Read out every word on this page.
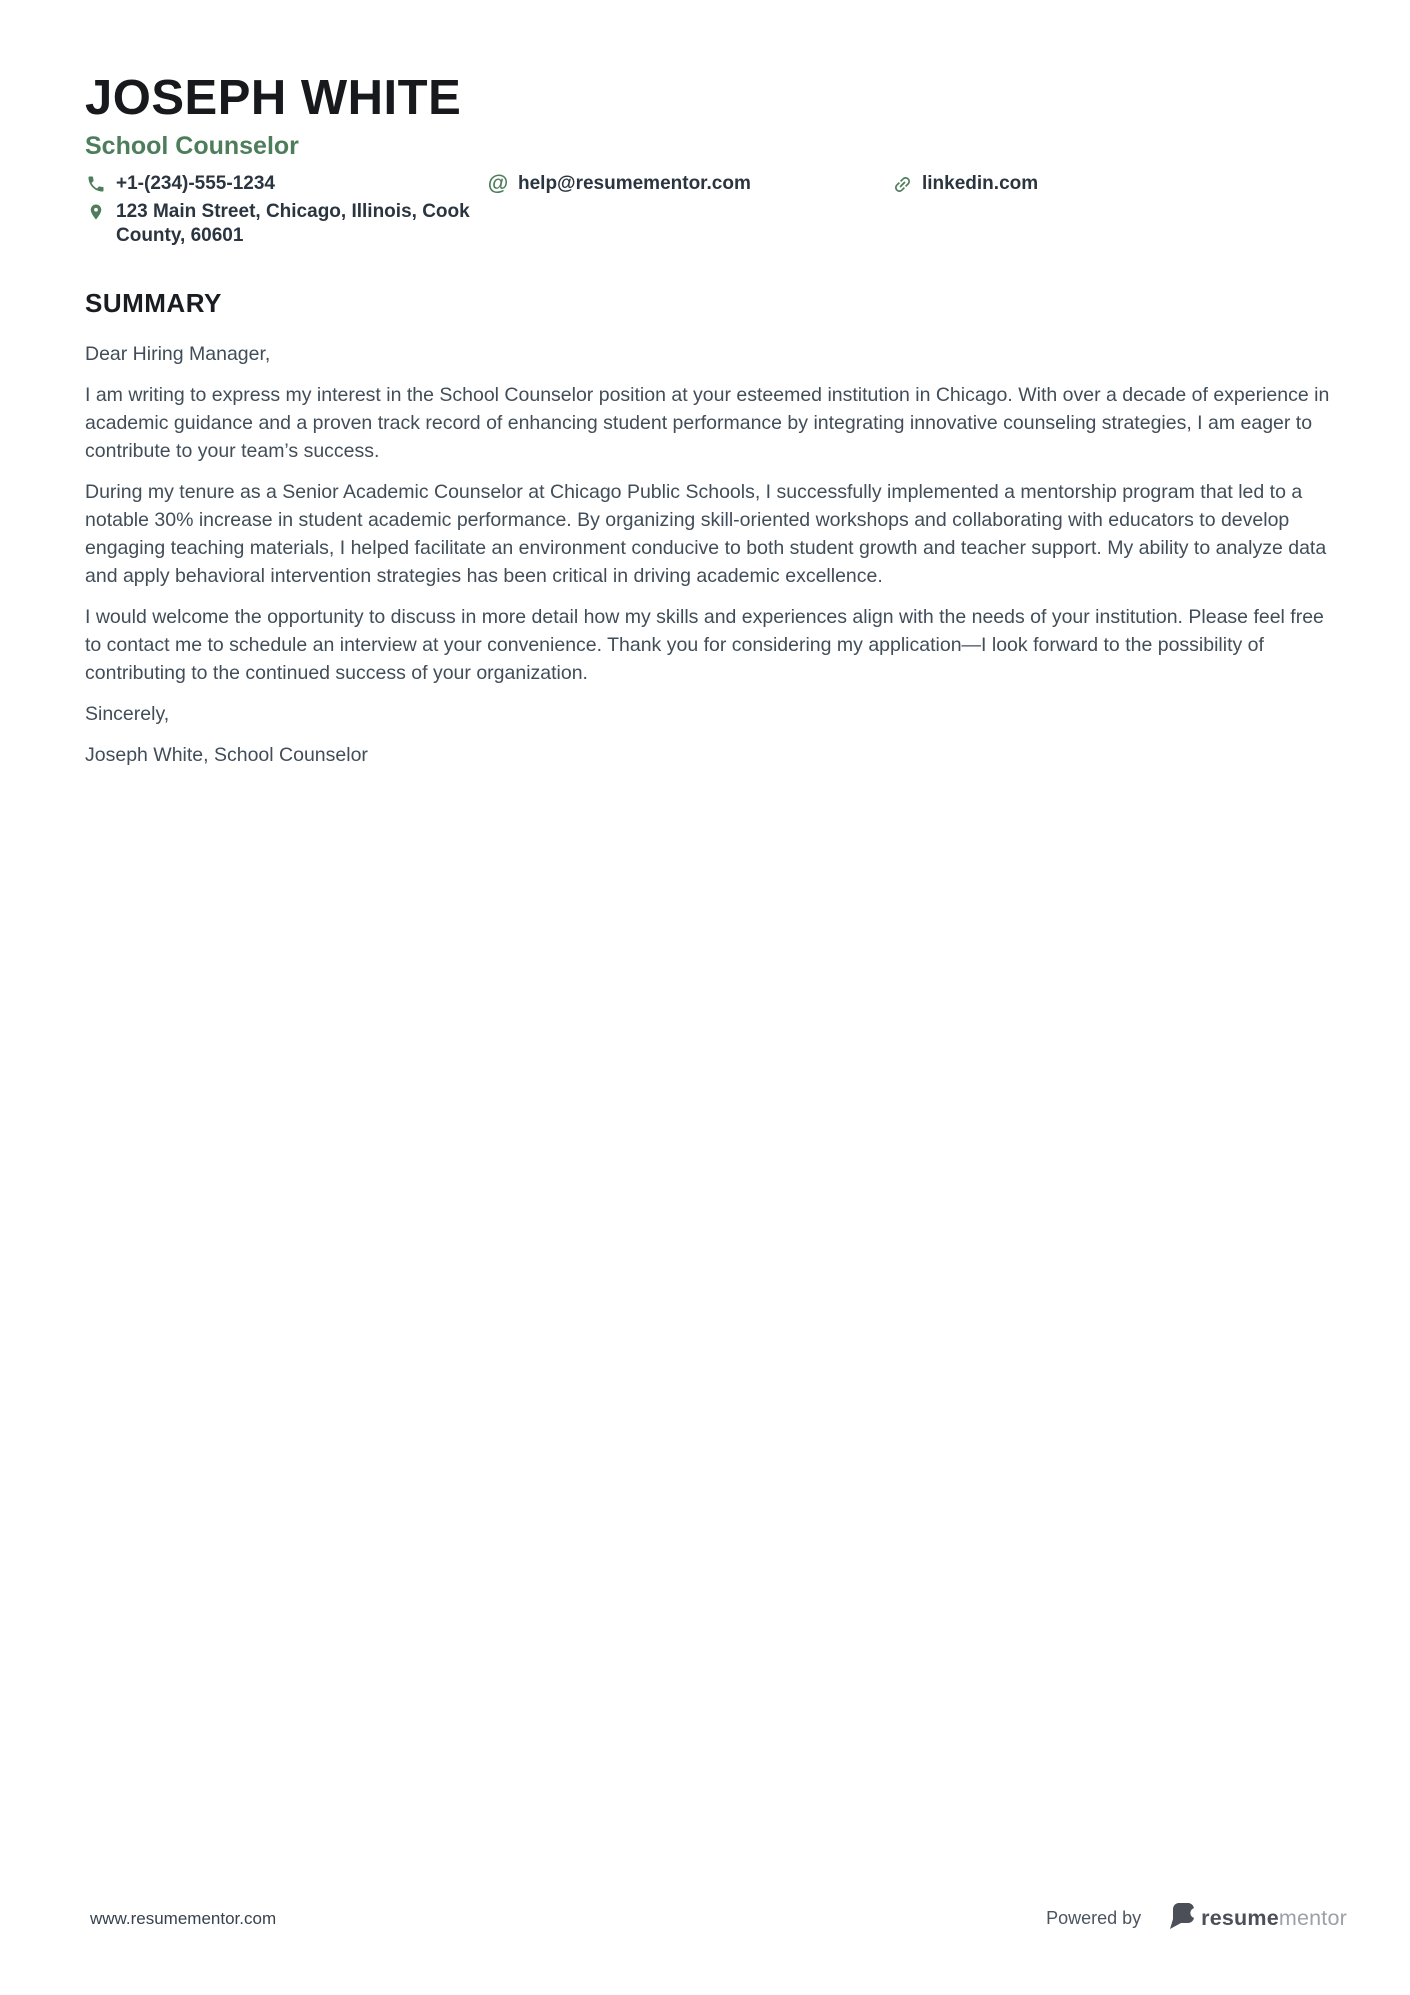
JOSEPH WHITE
School Counselor
+1-(234)-555-1234
123 Main Street, Chicago, Illinois, Cook
County, 60601
@ help@resumementor.com	linkedin.com
SUMMARY

Dear Hiring Manager,

I am writing to express my interest in the School Counselor position at your esteemed institution in Chicago. With over a decade of experience in academic guidance and a proven track record of enhancing student performance by integrating innovative counseling strategies, I am eager to contribute to your team’s success.

During my tenure as a Senior Academic Counselor at Chicago Public Schools, I successfully implemented a mentorship program that led to a notable 30% increase in student academic performance. By organizing skill-oriented workshops and collaborating with educators to develop engaging teaching materials, I helped facilitate an environment conducive to both student growth and teacher support. My ability to analyze data and apply behavioral intervention strategies has been critical in driving academic excellence.

I would welcome the opportunity to discuss in more detail how my skills and experiences align with the needs of your institution. Please feel free to contact me to schedule an interview at your convenience. Thank you for considering my application—I look forward to the possibility of contributing to the continued success of your organization.

Sincerely,

Joseph White, School Counselor

www.resumementor.com	Powered by	resumementor
